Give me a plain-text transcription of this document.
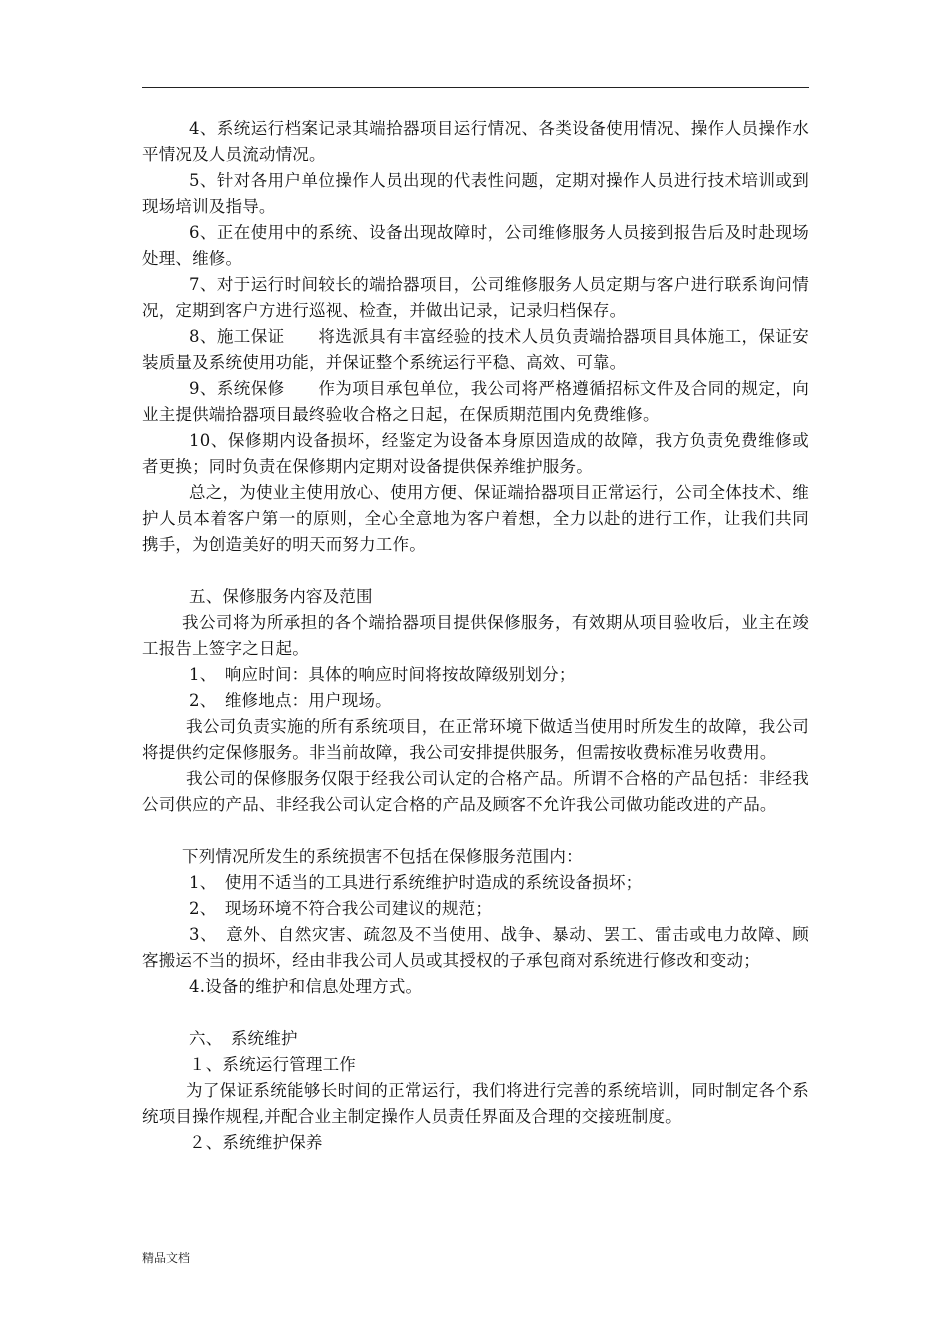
4、系统运行档案记录其端拾器项目运行情况、各类设备使用情况、操作人员操作水平情况及人员流动情况。

5、针对各用户单位操作人员出现的代表性问题，定期对操作人员进行技术培训或到现场培训及指导。

6、正在使用中的系统、设备出现故障时，公司维修服务人员接到报告后及时赴现场处理、维修。

7、对于运行时间较长的端拾器项目，公司维修服务人员定期与客户进行联系询问情况，定期到客户方进行巡视、检查，并做出记录，记录归档保存。

8、施工保证　　将选派具有丰富经验的技术人员负责端拾器项目具体施工，保证安装质量及系统使用功能，并保证整个系统运行平稳、高效、可靠。

9、系统保修　　作为项目承包单位，我公司将严格遵循招标文件及合同的规定，向业主提供端拾器项目最终验收合格之日起，在保质期范围内免费维修。

10、保修期内设备损坏，经鉴定为设备本身原因造成的故障，我方负责免费维修或者更换；同时负责在保修期内定期对设备提供保养维护服务。

总之，为使业主使用放心、使用方便、保证端拾器项目正常运行，公司全体技术、维护人员本着客户第一的原则，全心全意地为客户着想，全力以赴的进行工作，让我们共同携手，为创造美好的明天而努力工作。

五、保修服务内容及范围

我公司将为所承担的各个端拾器项目提供保修服务，有效期从项目验收后，业主在竣工报告上签字之日起。

1、　响应时间：具体的响应时间将按故障级别划分；

2、　维修地点：用户现场。

我公司负责实施的所有系统项目，在正常环境下做适当使用时所发生的故障，我公司将提供约定保修服务。非当前故障，我公司安排提供服务，但需按收费标准另收费用。

我公司的保修服务仅限于经我公司认定的合格产品。所谓不合格的产品包括：非经我公司供应的产品、非经我公司认定合格的产品及顾客不允许我公司做功能改进的产品。

下列情况所发生的系统损害不包括在保修服务范围内：

1、　使用不适当的工具进行系统维护时造成的系统设备损坏；

2、　现场环境不符合我公司建议的规范；

3、　意外、自然灾害、疏忽及不当使用、战争、暴动、罢工、雷击或电力故障、顾客搬运不当的损坏，经由非我公司人员或其授权的子承包商对系统进行修改和变动；

4.设备的维护和信息处理方式。

六、　系统维护

１、系统运行管理工作

为了保证系统能够长时间的正常运行，我们将进行完善的系统培训，同时制定各个系统项目操作规程,并配合业主制定操作人员责任界面及合理的交接班制度。

２、系统维护保养

精品文档
